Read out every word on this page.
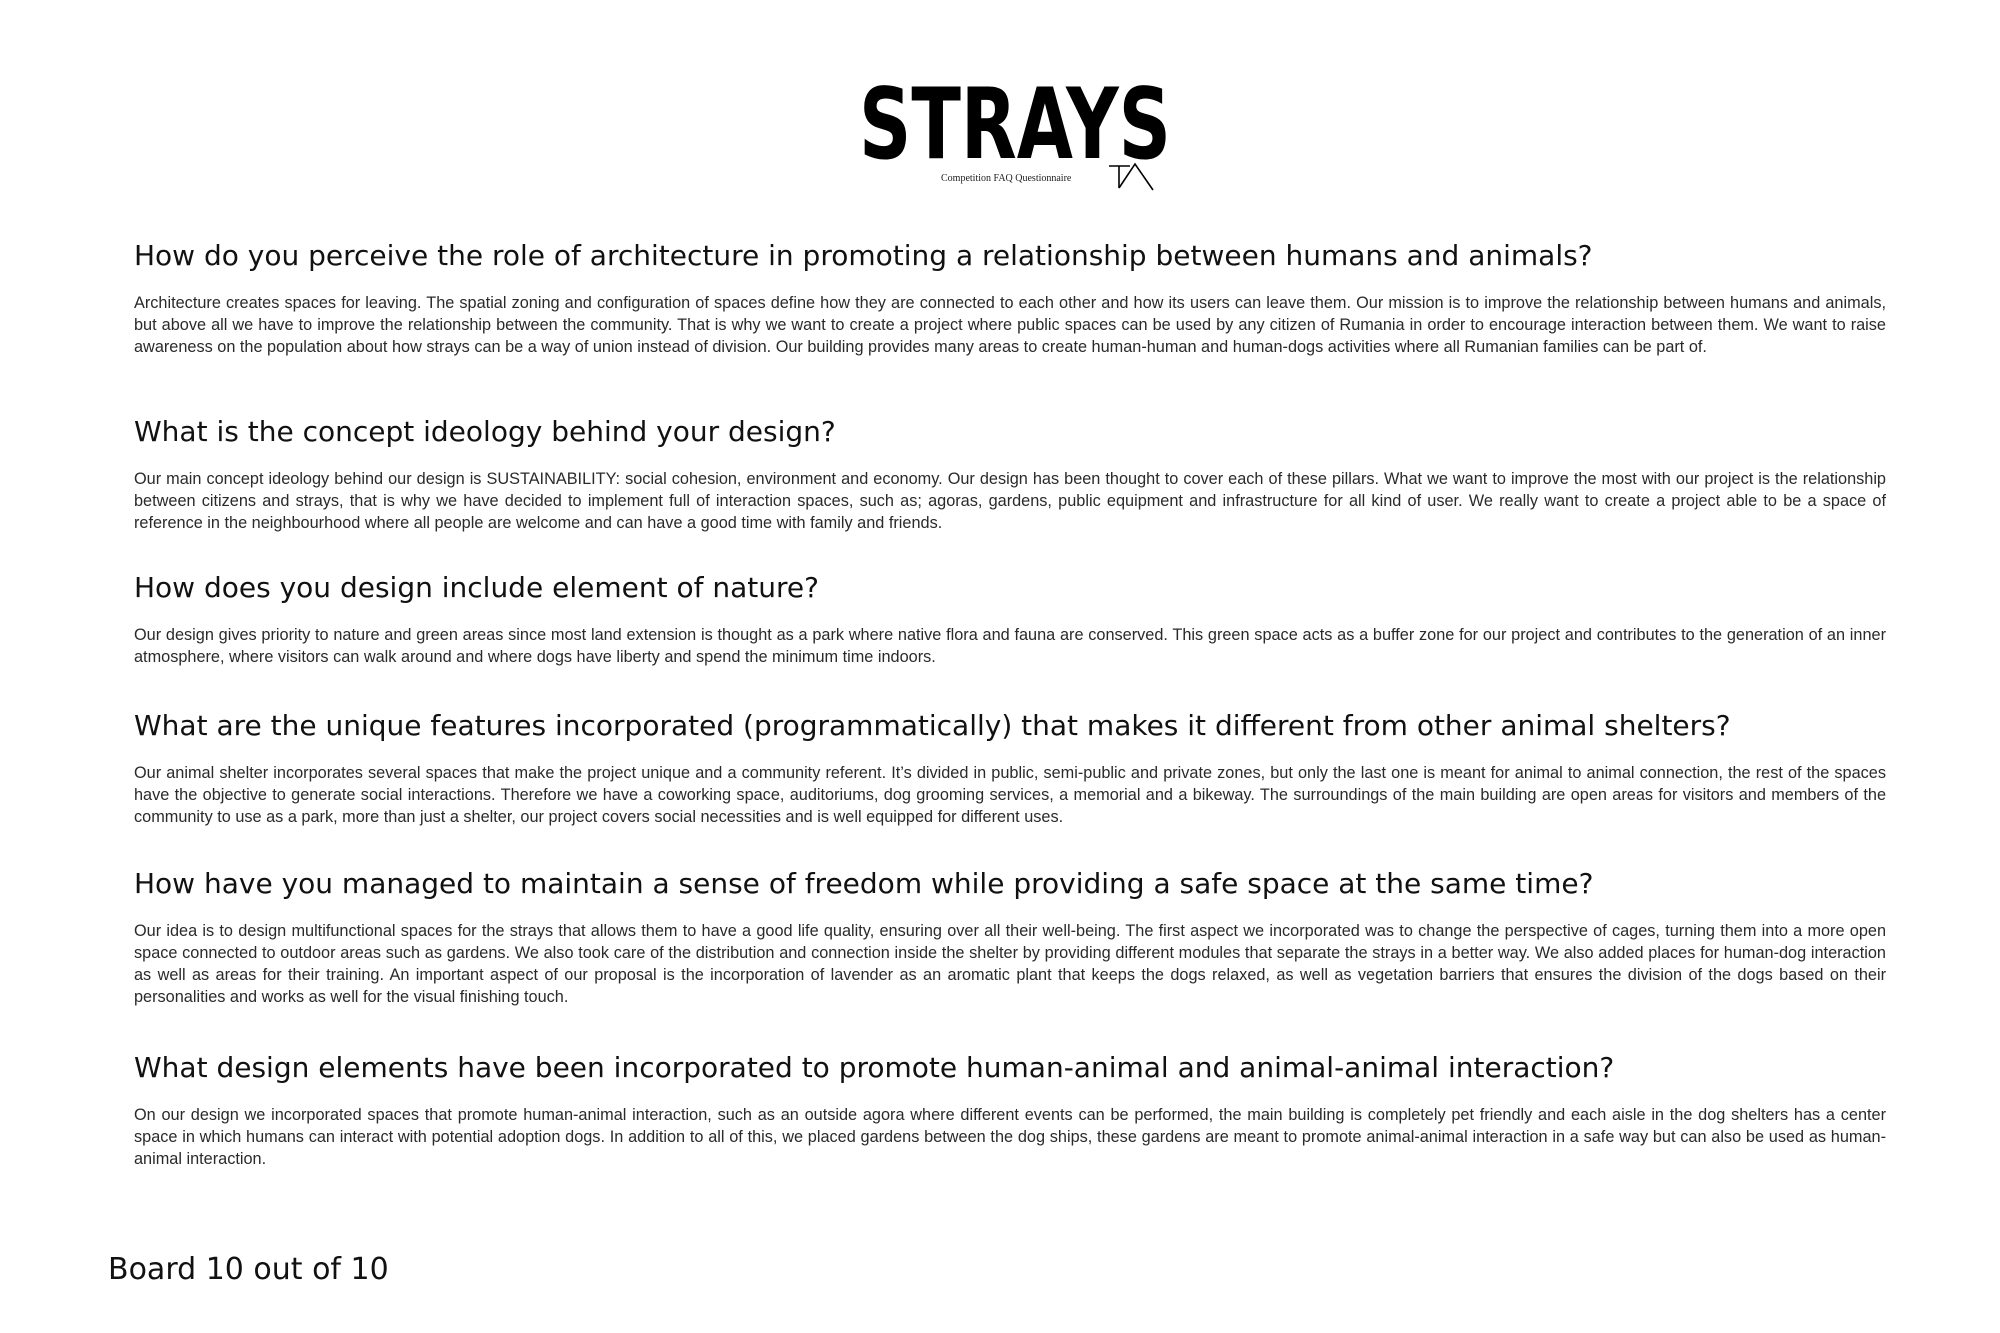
STRAYS
Competition FAQ Questionnaire
How do you perceive the role of architecture in promoting a relationship between humans and animals?

Architecture creates spaces for leaving. The spatial zoning and configuration of spaces define how they are connected to each other and how its users can leave them. Our mission is to improve the relationship between humans and animals, but above all we have to improve the relationship between the community. That is why we want to create a project where public spaces can be used by any citizen of Rumania in order to encourage interaction between them. We want to raise awareness on the population about how strays can be a way of union instead of division. Our building provides many areas to create human-human and human-dogs activities where all Rumanian families can be part of.

What is the concept ideology behind your design?

Our main concept ideology behind our design is SUSTAINABILITY: social cohesion, environment and economy. Our design has been thought to cover each of these pillars. What we want to improve the most with our project is the relationship between citizens and strays, that is why we have decided to implement full of interaction spaces, such as; agoras, gardens, public equipment and infrastructure for all kind of user. We really want to create a project able to be a space of reference in the neighbourhood where all people are welcome and can have a good time with family and friends.

How does you design include element of nature?

Our design gives priority to nature and green areas since most land extension is thought as a park where native flora and fauna are conserved. This green space acts as a buffer zone for our project and contributes to the generation of an inner atmosphere, where visitors can walk around and where dogs have liberty and spend the minimum time indoors.

What are the unique features incorporated (programmatically) that makes it different from other animal shelters?

Our animal shelter incorporates several spaces that make the project unique and a community referent. It’s divided in public, semi-public and private zones, but only the last one is meant for animal to animal connection, the rest of the spaces have the objective to generate social interactions. Therefore we have a coworking space, auditoriums, dog grooming services, a memorial and a bikeway. The surroundings of the main building are open areas for visitors and members of the community to use as a park, more than just a shelter, our project covers social necessities and is well equipped for different uses.

How have you managed to maintain a sense of freedom while providing a safe space at the same time?

Our idea is to design multifunctional spaces for the strays that allows them to have a good life quality, ensuring over all their well-being. The first aspect we incorporated was to change the perspective of cages, turning them into a more open space connected to outdoor areas such as gardens. We also took care of the distribution and connection inside the shelter by providing different modules that separate the strays in a better way. We also added places for human-dog interaction as well as areas for their training. An important aspect of our proposal is the incorporation of lavender as an aromatic plant that keeps the dogs relaxed, as well as vegetation barriers that ensures the division of the dogs based on their personalities and works as well for the visual finishing touch.

What design elements have been incorporated to promote human-animal and animal-animal interaction?

On our design we incorporated spaces that promote human-animal interaction, such as an outside agora where different events can be performed, the main building is completely pet friendly and each aisle in the dog shelters has a center space in which humans can interact with potential adoption dogs. In addition to all of this, we placed gardens between the dog ships, these gardens are meant to promote animal-animal interaction in a safe way but can also be used as human-animal interaction.

Board 10 out of 10
